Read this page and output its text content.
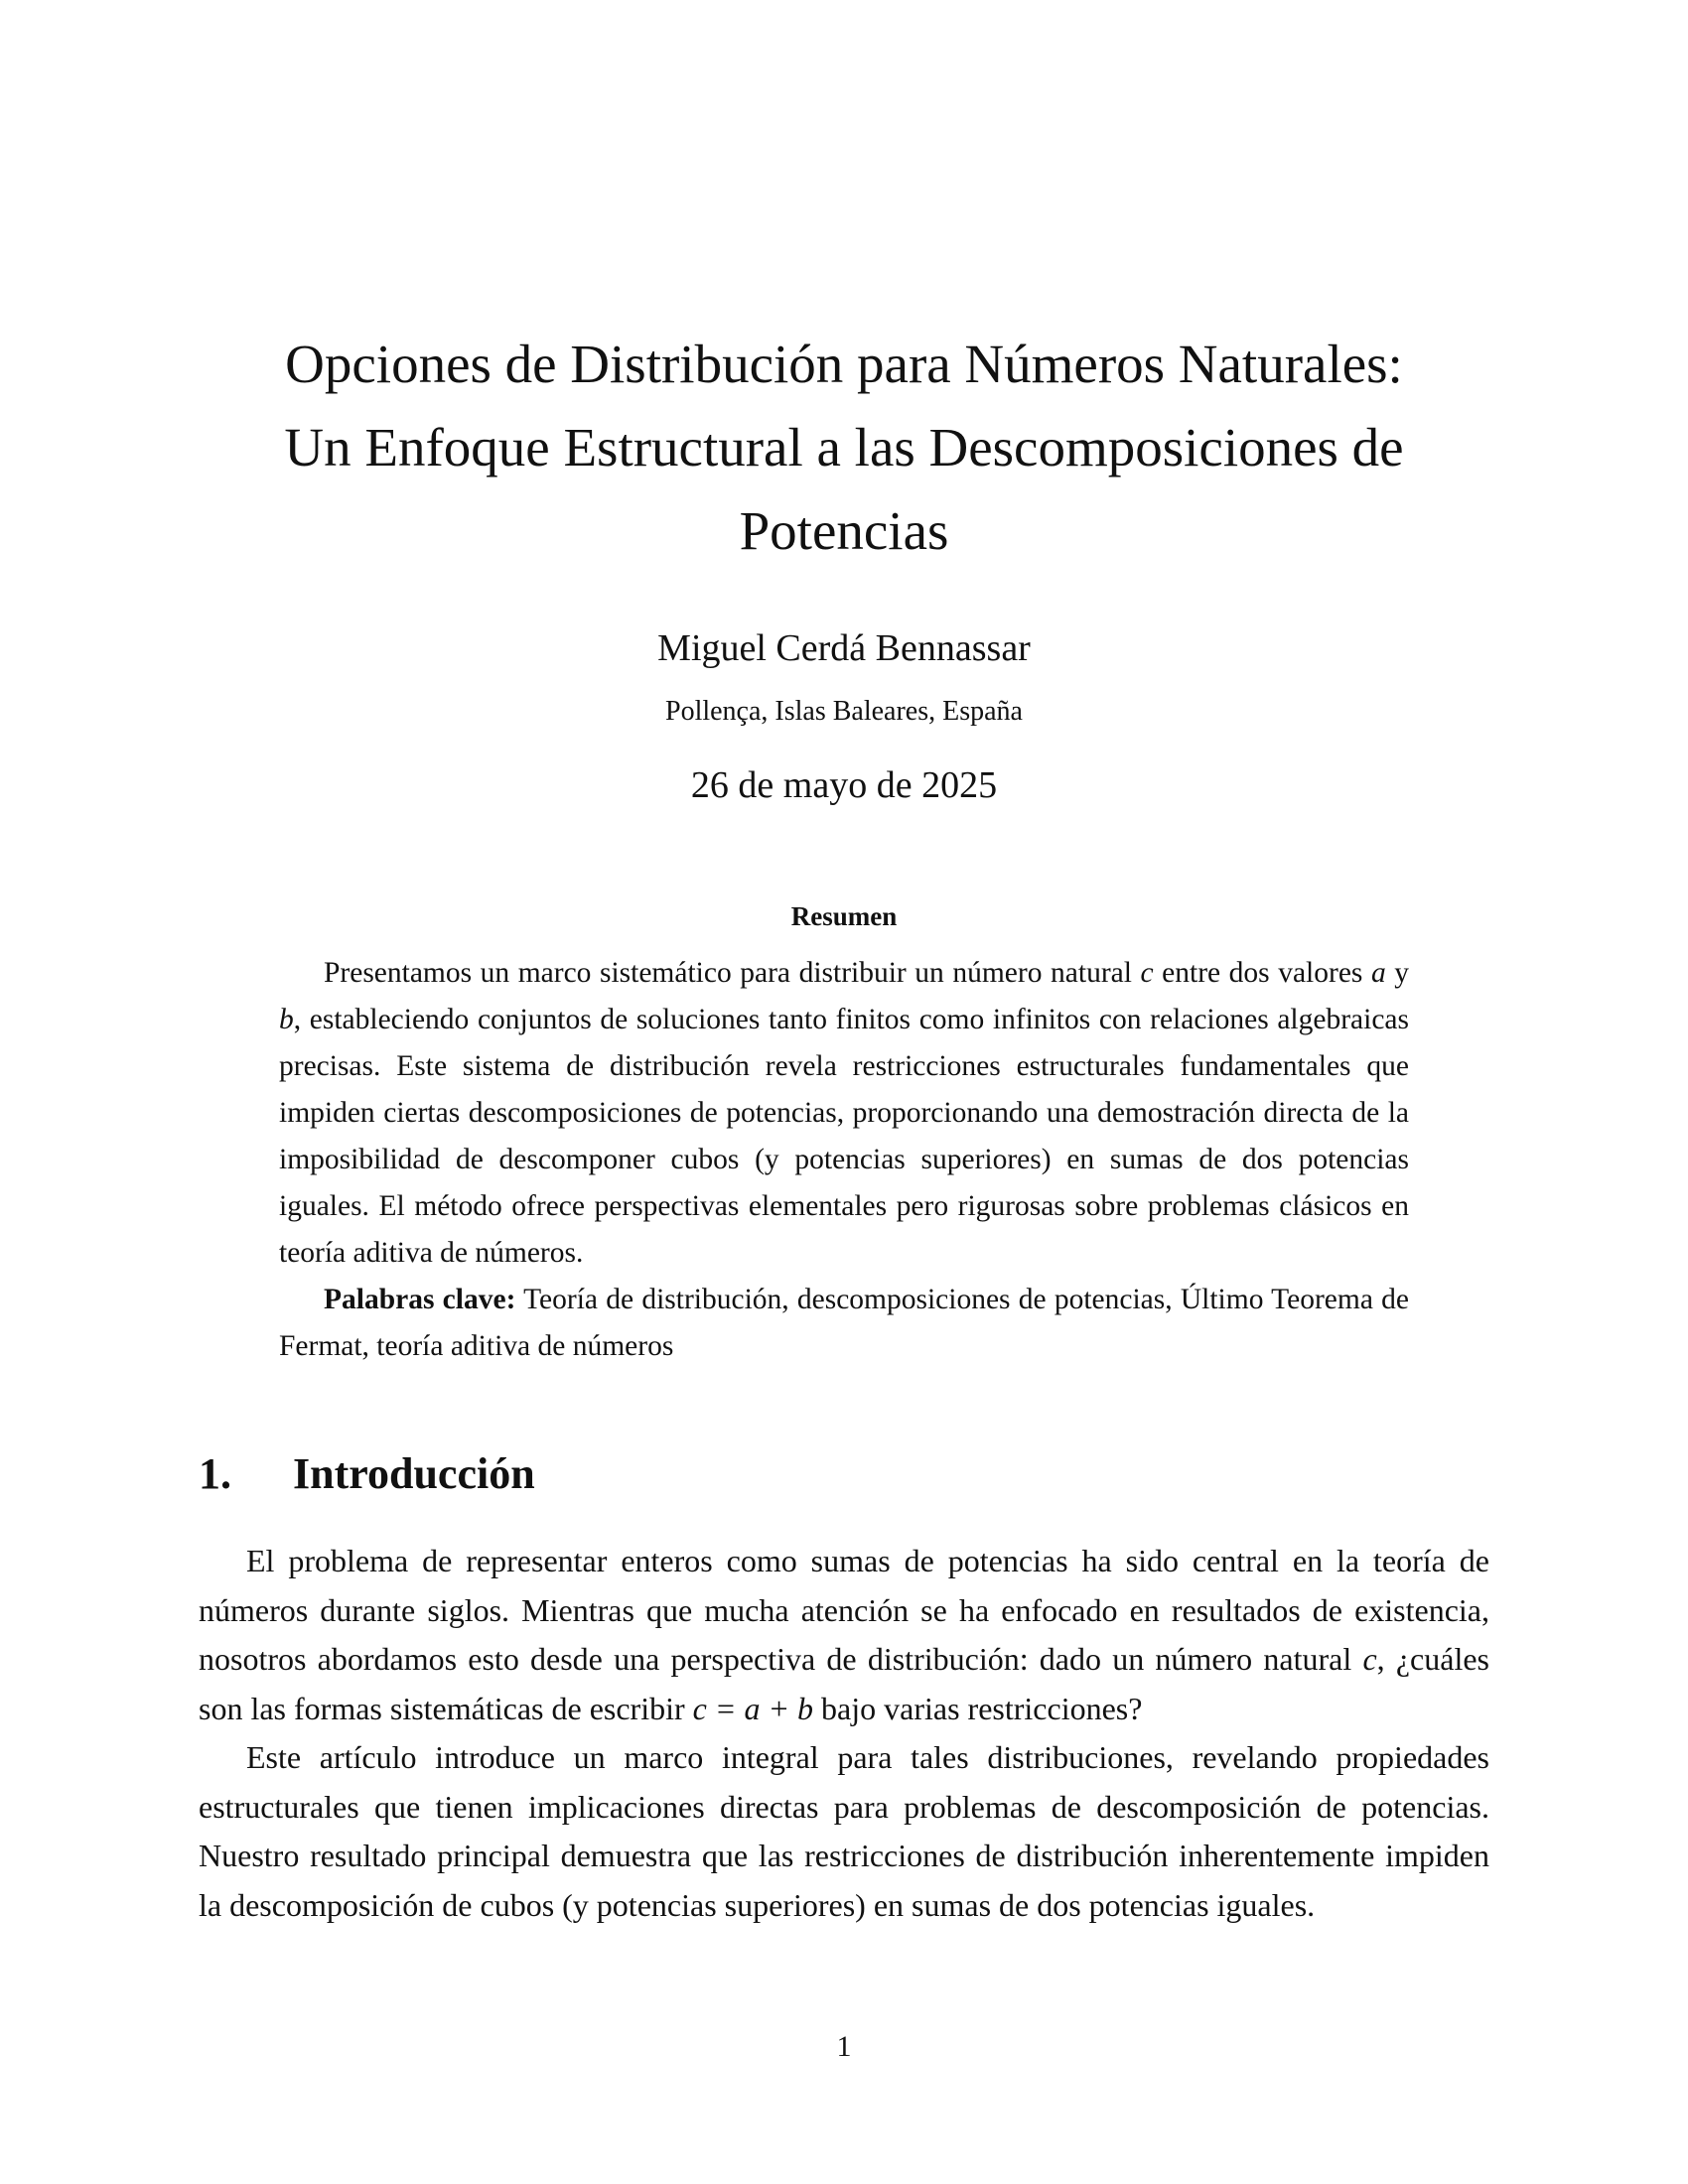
Opciones de Distribución para Números Naturales:
Un Enfoque Estructural a las Descomposiciones de
Potencias
Miguel Cerdá Bennassar
Pollença, Islas Baleares, España
26 de mayo de 2025
Resumen

Presentamos un marco sistemático para distribuir un número natural c entre dos valores a y b, estableciendo conjuntos de soluciones tanto finitos como infinitos con relaciones algebraicas precisas. Este sistema de distribución revela restricciones estructurales fundamentales que impiden ciertas descomposiciones de potencias, proporcionando una demostración directa de la imposibilidad de descomponer cubos (y potencias superiores) en sumas de dos potencias iguales. El método ofrece perspectivas elementales pero rigurosas sobre problemas clásicos en teoría aditiva de números.

Palabras clave: Teoría de distribución, descomposiciones de potencias, Último Teorema de Fermat, teoría aditiva de números

1. Introducción

El problema de representar enteros como sumas de potencias ha sido central en la teoría de números durante siglos. Mientras que mucha atención se ha enfocado en resultados de existencia, nosotros abordamos esto desde una perspectiva de distribución: dado un número natural c, ¿cuáles son las formas sistemáticas de escribir c = a + b bajo varias restricciones?

Este artículo introduce un marco integral para tales distribuciones, revelando propiedades estructurales que tienen implicaciones directas para problemas de descomposición de potencias. Nuestro resultado principal demuestra que las restricciones de distribución inherentemente impiden la descomposición de cubos (y potencias superiores) en sumas de dos potencias iguales.

1
